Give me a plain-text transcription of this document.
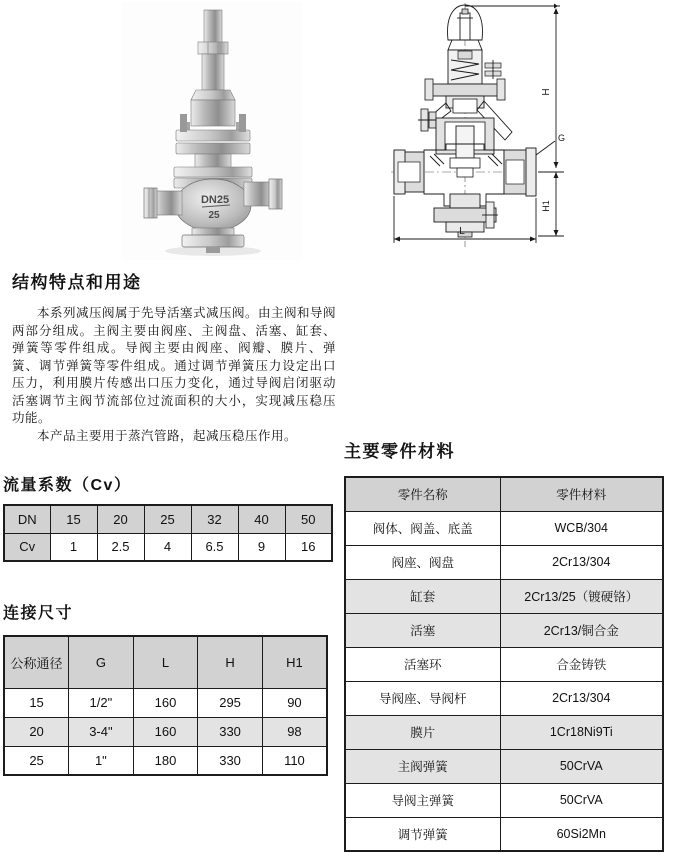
DN25
25
H
G
H1
L
结构特点和用途

本系列减压阀属于先导活塞式减压阀。由主阀和导阀两部分组成。主阀主要由阀座、主阀盘、活塞、缸套、弹簧等零件组成。导阀主要由阀座、阀瓣、膜片、弹簧、调节弹簧等零件组成。通过调节弹簧压力设定出口压力，利用膜片传感出口压力变化，通过导阀启闭驱动活塞调节主阀节流部位过流面积的大小，实现减压稳压功能。

本产品主要用于蒸汽管路，起减压稳压作用。

流量系数（Cv）
DN	15	20	25	32	40	50
Cv	1	2.5	4	6.5	9	16
连接尺寸
公称通径	G	L	H	H1
15	1/2"	160	295	90
20	3-4"	160	330	98
25	1"	180	330	110
主要零件材料
零件名称	零件材料
阀体、阀盖、底盖	WCB/304
阀座、阀盘	2Cr13/304
缸套	2Cr13/25（镀硬铬）
活塞	2Cr13/铜合金
活塞环	合金铸铁
导阀座、导阀杆	2Cr13/304
膜片	1Cr18Ni9Ti
主阀弹簧	50CrVA
导阀主弹簧	50CrVA
调节弹簧	60Si2Mn
